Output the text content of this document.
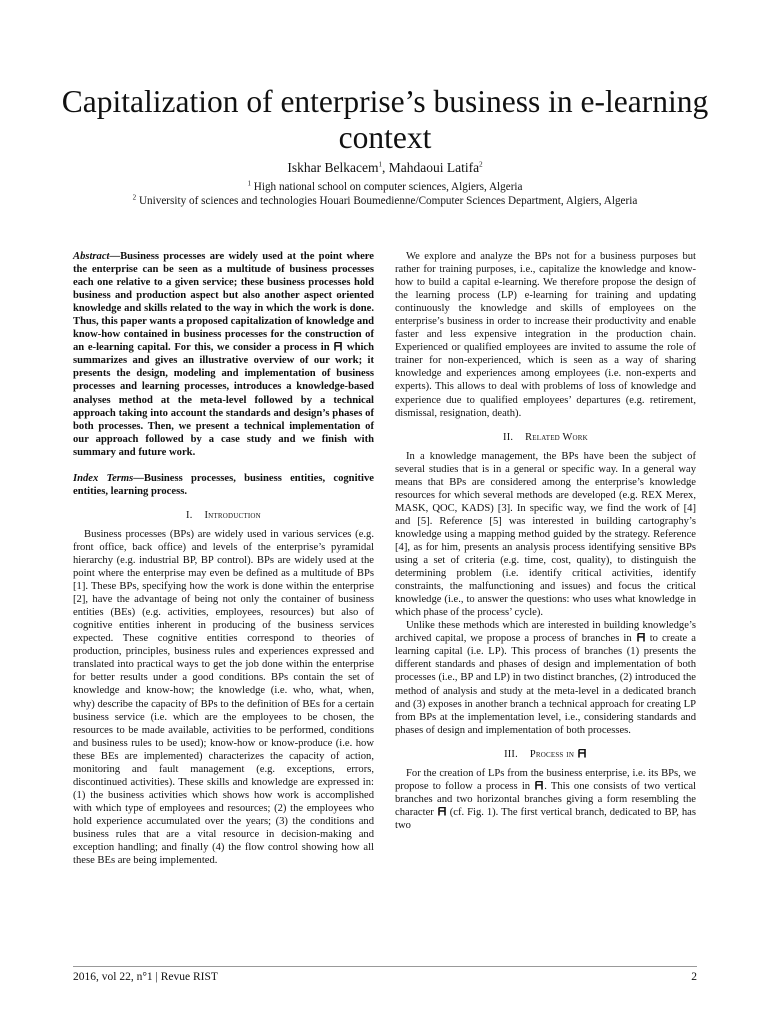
Capitalization of enterprise’s business in e-learning context
Iskhar Belkacem$^1$, Mahdaoui Latifa$^2$
$^1$ High national school on computer sciences, Algiers, Algeria
$^2$ University of sciences and technologies Houari Boumedienne/Computer Sciences Department, Algiers, Algeria

Abstract—Business processes are widely used at the point where the enterprise can be seen as a multitude of business processes each one relative to a given service; these business processes hold business and production aspect but also another aspect oriented knowledge and skills related to the way in which the work is done. Thus, this paper wants a proposed capitalization of knowledge and know-how contained in business processes for the construction of an e-learning capital. For this, we consider a process in
which summarizes and gives an illustrative overview of our work; it presents the design, modeling and implementation of business processes and learning processes, introduces a knowledge-based analyses method at the meta-level followed by a technical approach taking into account the standards and design’s phases of both processes. Then, we present a technical implementation of our approach followed by a case study and we finish with summary and future work.

Index Terms—Business processes, business entities, cognitive entities, learning process.

I. Introduction

Business processes (BPs) are widely used in various services (e.g. front office, back office) and levels of the enterprise’s pyramidal hierarchy (e.g. industrial BP, BP control). BPs are widely used at the point where the enterprise may even be defined as a multitude of BPs [1]. These BPs, specifying how the work is done within the enterprise [2], have the advantage of being not only the container of business entities (BEs) (e.g. activities, employees, resources) but also of cognitive entities inherent in producing of the business services expected. These cognitive entities correspond to theories of production, principles, business rules and experiences expressed and translated into practical ways to get the job done within the enterprise for better results under a good conditions. BPs contain the set of knowledge and know-how; the knowledge (i.e. who, what, when, why) describe the capacity of BPs to the definition of BEs for a certain business service (i.e. which are the employees to be chosen, the resources to be made available, activities to be performed, conditions and business rules to be used); know-how or know-produce (i.e. how these BEs are implemented) characterizes the capacity of action, monitoring and fault management (e.g. exceptions, errors, discontinued activities). These skills and knowledge are expressed in: (1) the business activities which shows how work is accomplished with which type of employees and resources; (2) the employees who hold experience accumulated over the years; (3) the conditions and business rules that are a vital resource in decision-making and exception handling; and finally (4) the flow control showing how all these BEs are being implemented.

We explore and analyze the BPs not for a business purposes but rather for training purposes, i.e., capitalize the knowledge and know-how to build a capital e-learning. We therefore propose the design of the learning process (LP) e-learning for training and updating continuously the knowledge and skills of employees on the enterprise’s business in order to increase their productivity and enable faster and less expensive integration in the production chain. Experienced or qualified employees are invited to assume the role of trainer for non-experienced, which is seen as a way of sharing knowledge and experiences among employees (i.e. non-experts and experts). This allows to deal with problems of loss of knowledge and experience due to qualified employees’ departures (e.g. retirement, dismissal, resignation, death).

II. Related Work

In a knowledge management, the BPs have been the subject of several studies that is in a general or specific way. In a general way means that BPs are considered among the enterprise’s knowledge resources for which several methods are developed (e.g. REX Merex, MASK, QOC, KADS) [3]. In specific way, we find the work of [4] and [5]. Reference [5] was interested in building cartography’s knowledge using a mapping method guided by the strategy. Reference [4], as for him, presents an analysis process identifying sensitive BPs using a set of criteria (e.g. time, cost, quality), to distinguish the determining problem (i.e. identify critical activities, identify constraints, the malfunctioning and issues) and focus the critical knowledge (i.e., to answer the questions: who uses what knowledge in which phase of the process’ cycle).

Unlike these methods which are interested in building knowledge’s archived capital, we propose a process of branches in
to create a learning capital (i.e. LP). This process of branches (1) presents the different standards and phases of design and implementation of both processes (i.e., BP and LP) in two distinct branches, (2) introduced the method of analysis and study at the meta-level in a dedicated branch and (3) exposes in another branch a technical approach for creating LP from BPs at the implementation level, i.e., considering standards and phases of design and implementation of both processes.

III. Process in

For the creation of LPs from the business enterprise, i.e. its BPs, we propose to follow a process in . This one consists of two vertical branches and two horizontal branches giving a form resembling the character
(cf. Fig. 1). The first vertical branch, dedicated to BP, has two

2016, vol 22, n°1 | Revue RIST	2
